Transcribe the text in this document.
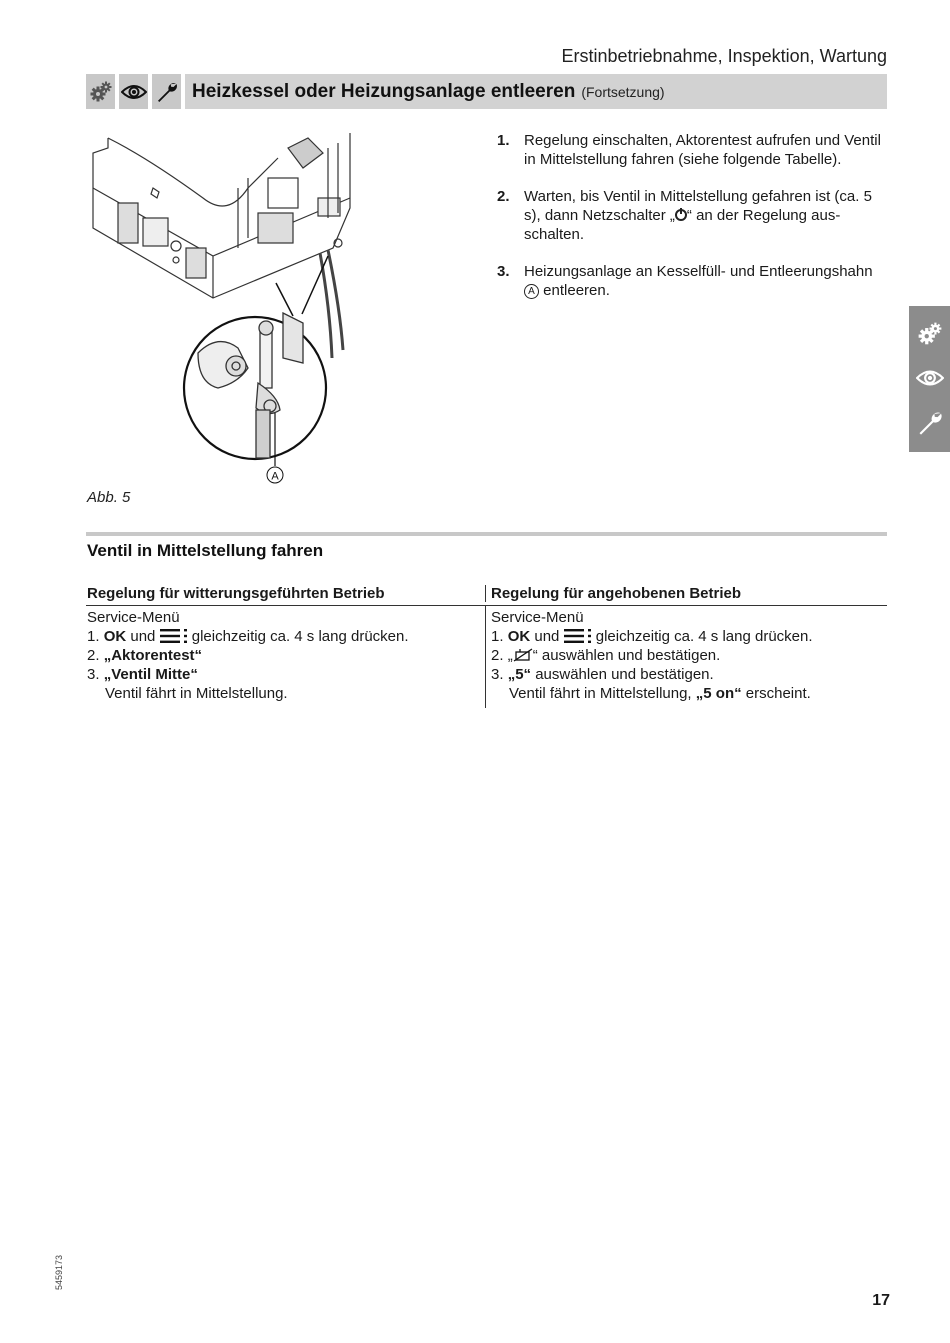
Erstinbetriebnahme, Inspektion, Wartung
Heizkessel oder Heizungsanlage entleeren (Fortsetzung)
A
Abb. 5
1. Regelung einschalten, Aktorentest aufrufen und Ventil in Mittelstellung fahren (siehe folgende Tabelle).
2. Warten, bis Ventil in Mittelstellung gefahren ist (ca. 5 s), dann Netzschalter „ “ an der Regelung ausschalten.
3. Heizungsanlage an Kesselfüll- und Entleerungshahn A entleeren.
Ventil in Mittelstellung fahren
Regelung für witterungsgeführten Betrieb	Regelung für angehobenen Betrieb
Service-Menü
1. OK und  gleichzeitig ca. 4 s lang drücken.
2. „Aktorentest“
3. „Ventil Mitte“
Ventil fährt in Mittelstellung.
Service-Menü
1. OK und  gleichzeitig ca. 4 s lang drücken.
2. „ “ auswählen und bestätigen.
3. „5“ auswählen und bestätigen.
Ventil fährt in Mittelstellung, „5 on“ erscheint.
5459173
17
